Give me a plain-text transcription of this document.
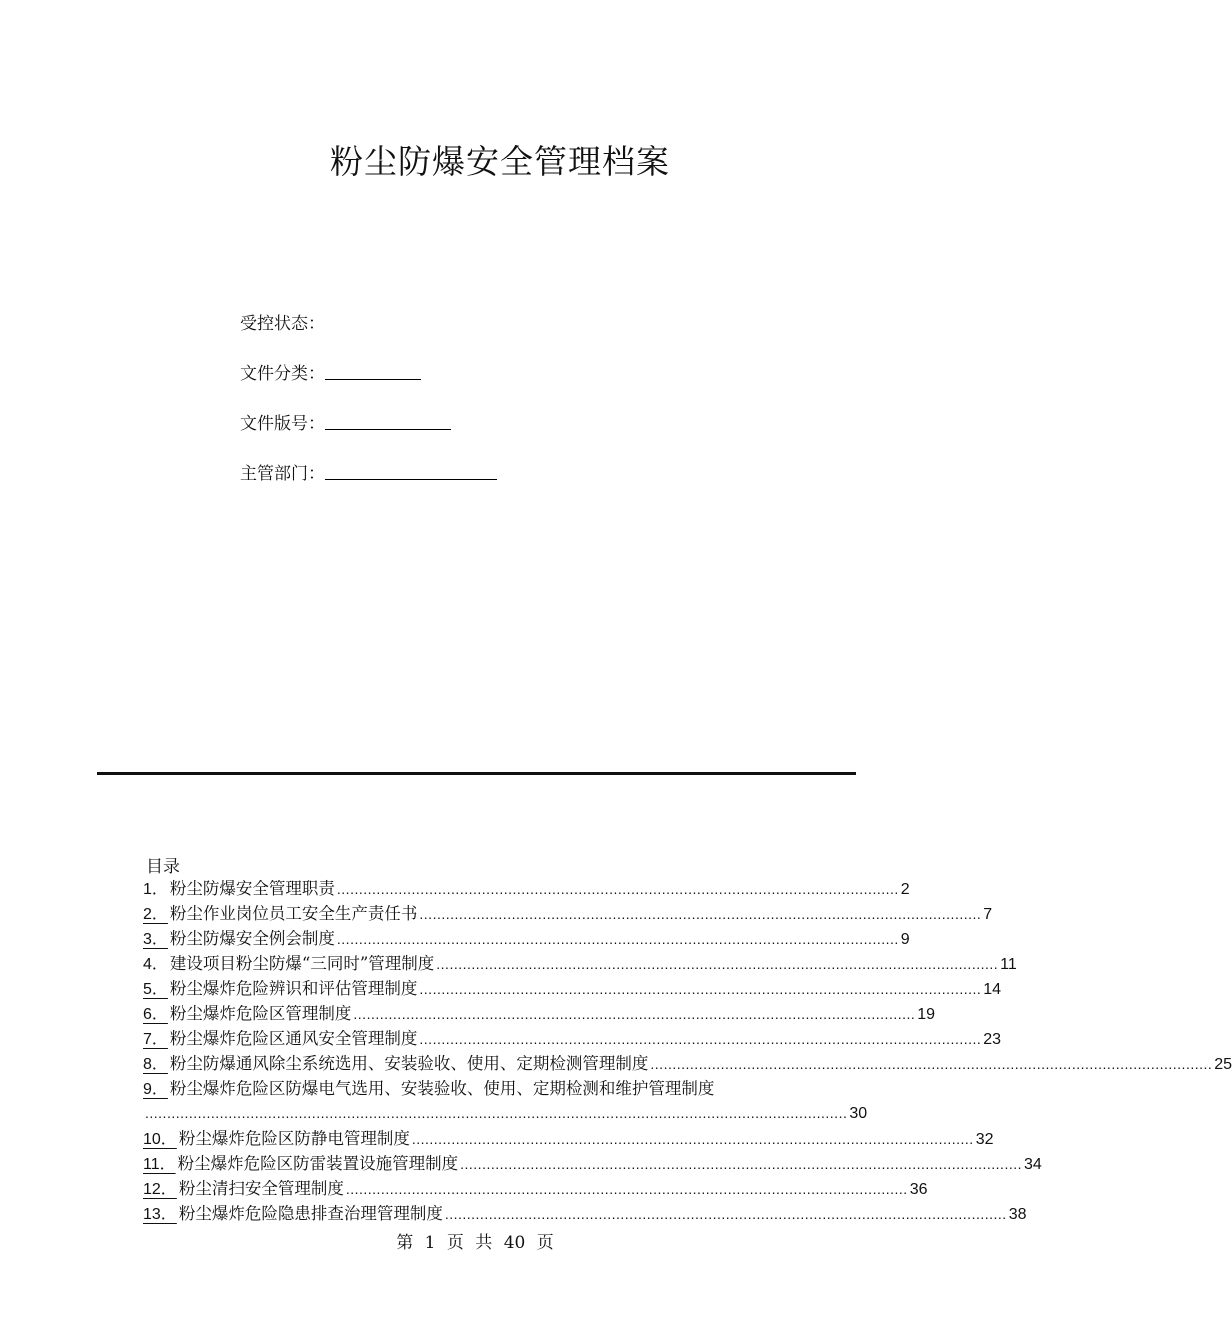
粉尘防爆安全管理档案
受控状态：
文件分类：
文件版号：
主管部门：
目录
1． 粉尘防爆安全管理职责 ................................................................................................................................ 2
2． 粉尘作业岗位员工安全生产责任书 ................................................................................................................................ 7
3． 粉尘防爆安全例会制度 ................................................................................................................................ 9
4． 建设项目粉尘防爆“三同时”管理制度 ................................................................................................................................ 11
5． 粉尘爆炸危险辨识和评估管理制度 ................................................................................................................................ 14
6． 粉尘爆炸危险区管理制度 ................................................................................................................................ 19
7． 粉尘爆炸危险区通风安全管理制度 ................................................................................................................................ 23
8． 粉尘防爆通风除尘系统选用、安装验收、使用、定期检测管理制度 ................................................................................................................................ 25
9． 粉尘爆炸危险区防爆电气选用、安装验收、使用、定期检测和维护管理制度
................................................................................................................................................................ 30
10． 粉尘爆炸危险区防静电管理制度 ................................................................................................................................ 32
11． 粉尘爆炸危险区防雷装置设施管理制度 ................................................................................................................................ 34
12． 粉尘清扫安全管理制度 ................................................................................................................................ 36
13． 粉尘爆炸危险隐患排查治理管理制度 ................................................................................................................................ 38
第 1 页 共 40 页
